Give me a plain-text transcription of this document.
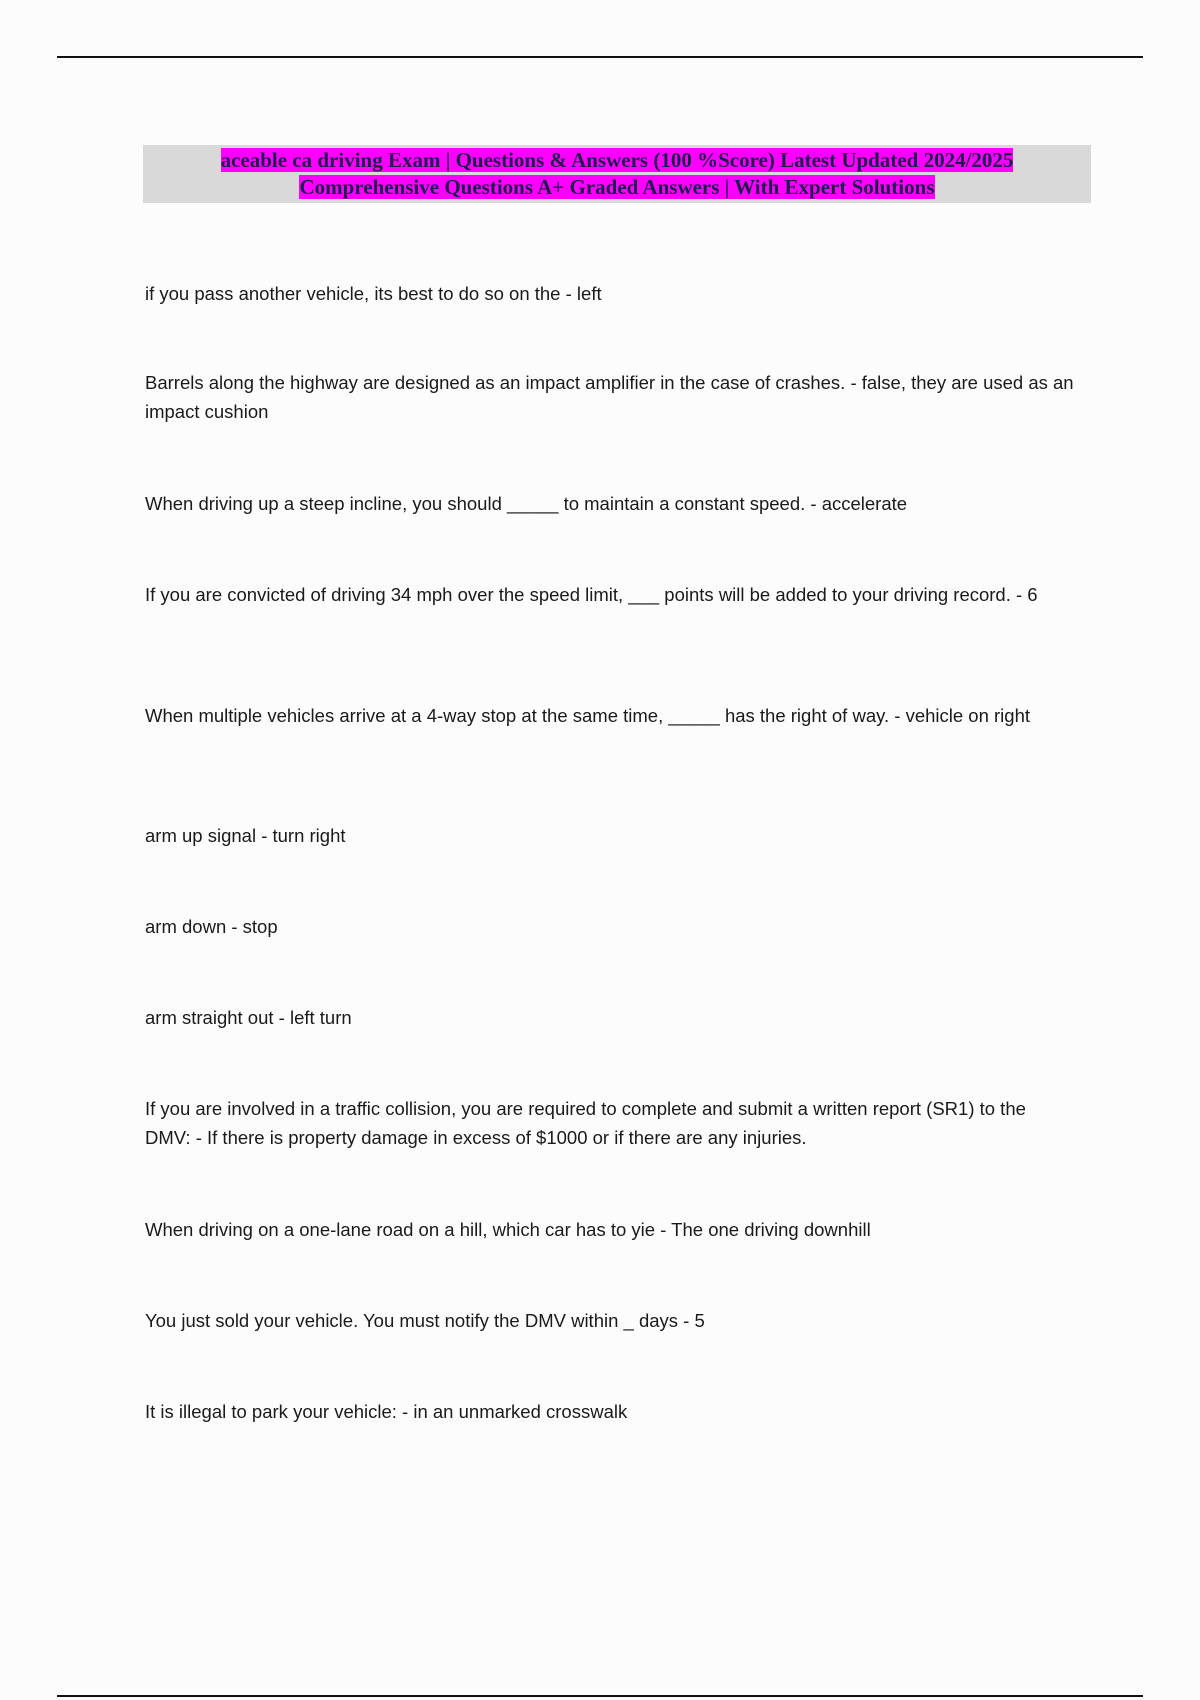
aceable ca driving Exam | Questions & Answers (100 %Score) Latest Updated 2024/2025
Comprehensive Questions A+ Graded Answers | With Expert Solutions

if you pass another vehicle, its best to do so on the - left

Barrels along the highway are designed as an impact amplifier in the case of crashes. - false, they are used as an impact cushion

When driving up a steep incline, you should _____ to maintain a constant speed. - accelerate

If you are convicted of driving 34 mph over the speed limit, ___ points will be added to your driving record. - 6

When multiple vehicles arrive at a 4-way stop at the same time, _____ has the right of way. - vehicle on right

arm up signal - turn right

arm down - stop

arm straight out - left turn

If you are involved in a traffic collision, you are required to complete and submit a written report (SR1) to the DMV: - If there is property damage in excess of $1000 or if there are any injuries.

When driving on a one-lane road on a hill, which car has to yie - The one driving downhill

You just sold your vehicle. You must notify the DMV within _ days - 5

It is illegal to park your vehicle: - in an unmarked crosswalk
